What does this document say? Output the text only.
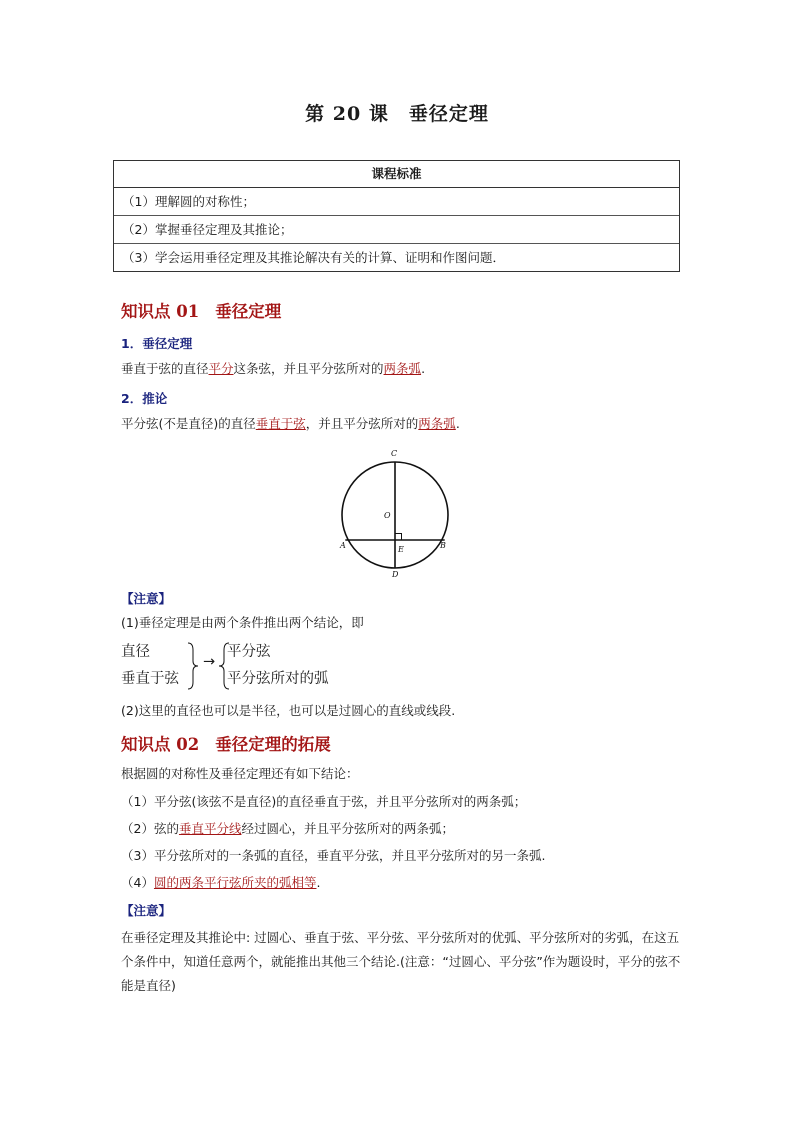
第 20 课　垂径定理
课程标准
（1）理解圆的对称性；
（2）掌握垂径定理及其推论；
（3）学会运用垂径定理及其推论解决有关的计算、证明和作图问题．
知识点 01 垂径定理
1．垂径定理
垂直于弦的直径平分这条弦，并且平分弦所对的两条弧.
2．推论
平分弦(不是直径)的直径垂直于弦，并且平分弦所对的两条弧.
C
O
A	B
E
D
【注意】
(1)垂径定理是由两个条件推出两个结论，即
直径
垂直于弦
→
平分弦
平分弦所对的弧
(2)这里的直径也可以是半径，也可以是过圆心的直线或线段.
知识点 02 垂径定理的拓展
根据圆的对称性及垂径定理还有如下结论：
（1）平分弦(该弦不是直径)的直径垂直于弦，并且平分弦所对的两条弧；
（2）弦的垂直平分线经过圆心，并且平分弦所对的两条弧；
（3）平分弦所对的一条弧的直径，垂直平分弦，并且平分弦所对的另一条弧.
（4）圆的两条平行弦所夹的弧相等.
【注意】
在垂径定理及其推论中: 过圆心、垂直于弦、平分弦、平分弦所对的优弧、平分弦所对的劣弧，在这五个条件中，知道任意两个，就能推出其他三个结论.(注意：“过圆心、平分弦”作为题设时，平分的弦不能是直径)
